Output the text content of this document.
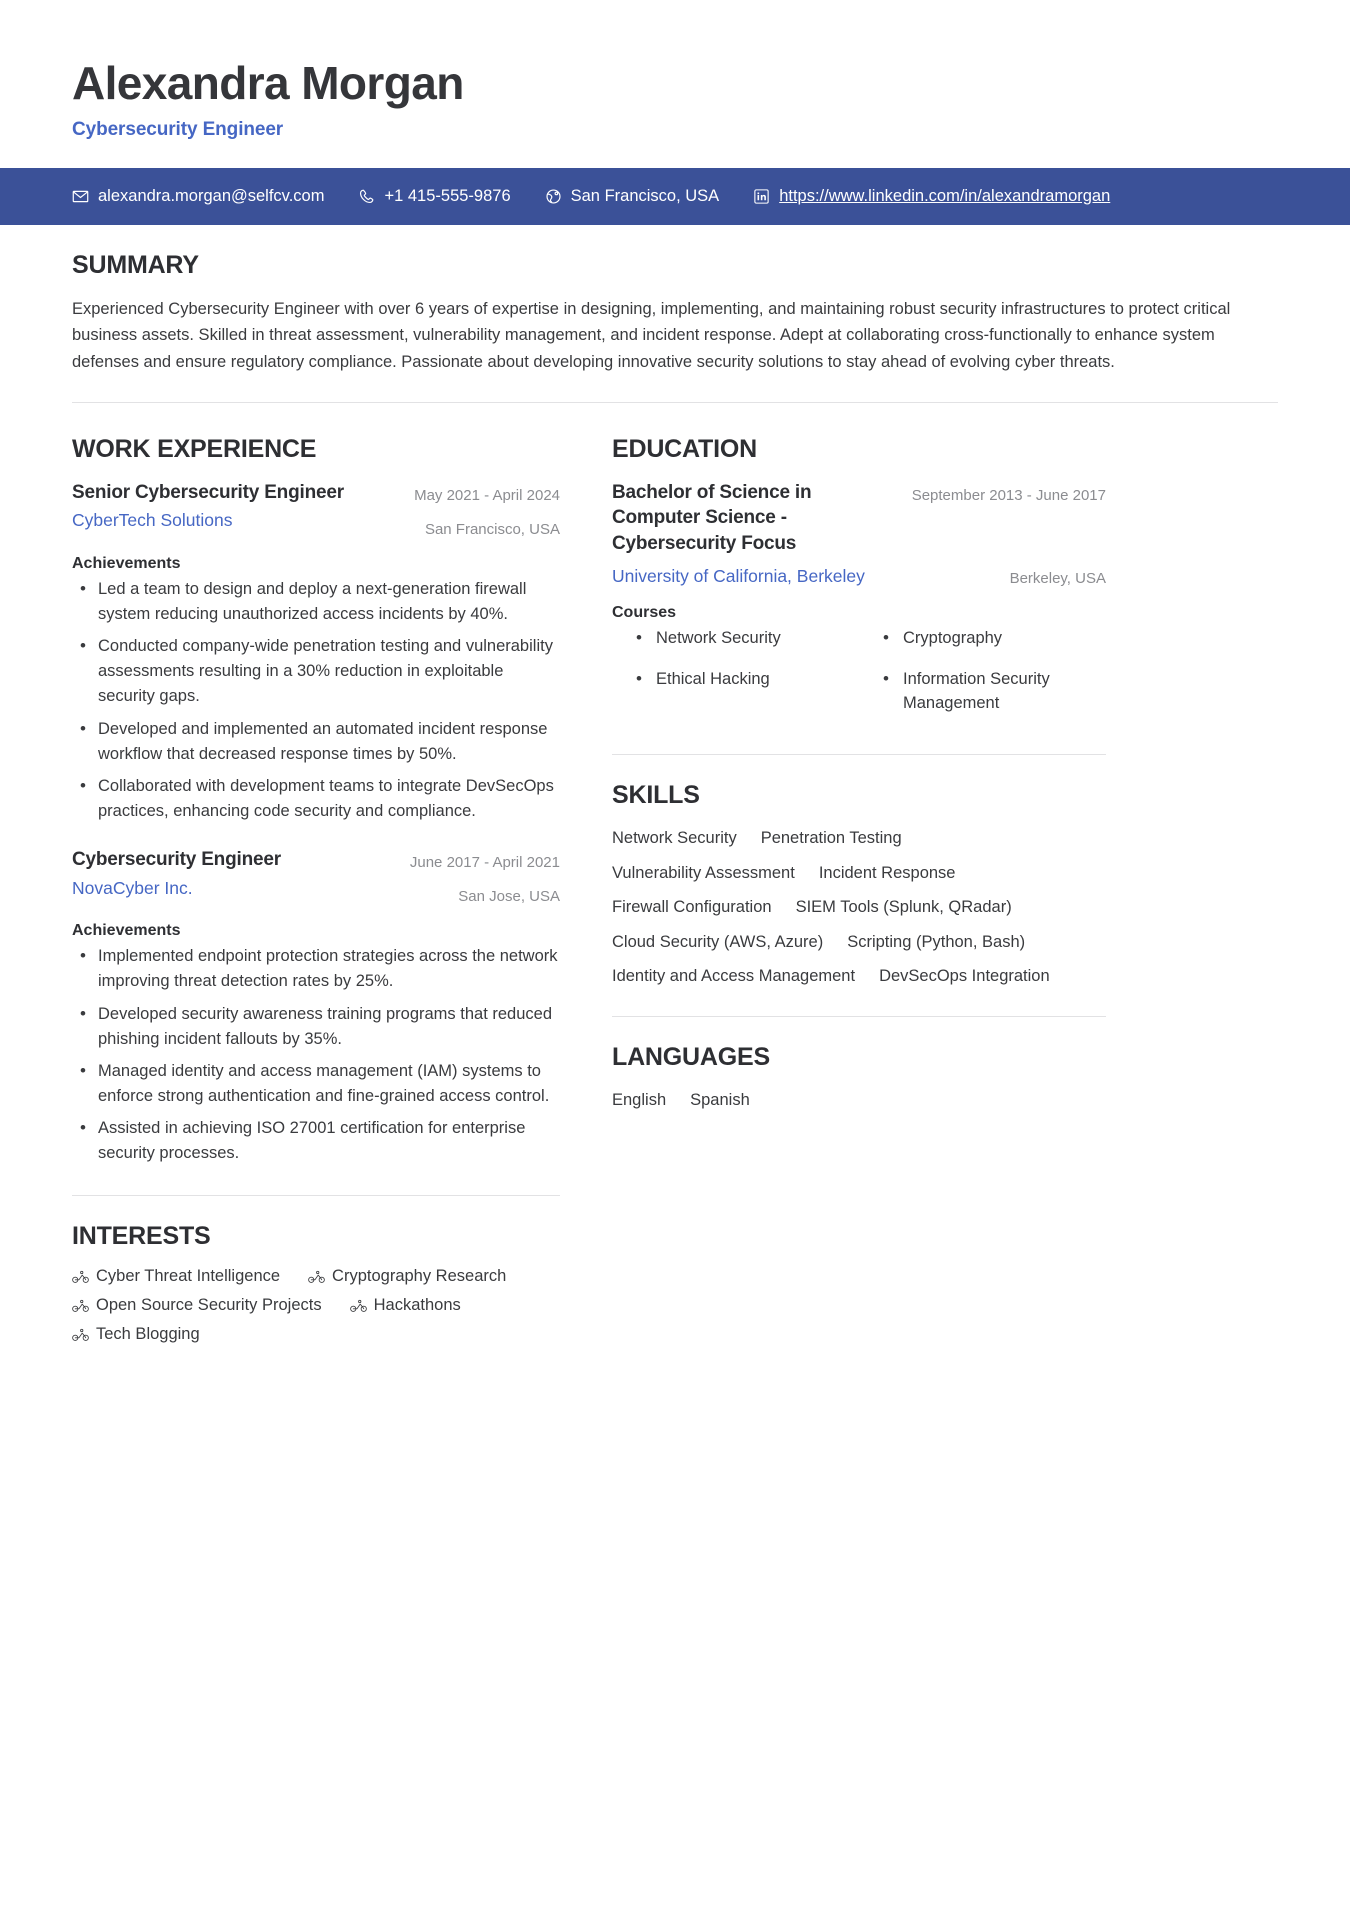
Alexandra Morgan
Cybersecurity Engineer
alexandra.morgan@selfcv.com	+1 415-555-9876	San Francisco, USA	https://www.linkedin.com/in/alexandramorgan
SUMMARY
Experienced Cybersecurity Engineer with over 6 years of expertise in designing, implementing, and maintaining robust security infrastructures to protect critical business assets. Skilled in threat assessment, vulnerability management, and incident response. Adept at collaborating cross-functionally to enhance system defenses and ensure regulatory compliance. Passionate about developing innovative security solutions to stay ahead of evolving cyber threats.
WORK EXPERIENCE
Senior Cybersecurity Engineer
CyberTech Solutions
May 2021 - April 2024
San Francisco, USA
Achievements
• Led a team to design and deploy a next-generation firewall system reducing unauthorized access incidents by 40%.
• Conducted company-wide penetration testing and vulnerability assessments resulting in a 30% reduction in exploitable security gaps.
• Developed and implemented an automated incident response workflow that decreased response times by 50%.
• Collaborated with development teams to integrate DevSecOps practices, enhancing code security and compliance.
Cybersecurity Engineer
NovaCyber Inc.
June 2017 - April 2021
San Jose, USA
Achievements
• Implemented endpoint protection strategies across the network improving threat detection rates by 25%.
• Developed security awareness training programs that reduced phishing incident fallouts by 35%.
• Managed identity and access management (IAM) systems to enforce strong authentication and fine-grained access control.
• Assisted in achieving ISO 27001 certification for enterprise security processes.
INTERESTS
Cyber Threat Intelligence	Cryptography Research
Open Source Security Projects	Hackathons
Tech Blogging
EDUCATION
Bachelor of Science in Computer Science - Cybersecurity Focus
September 2013 - June 2017
University of California, Berkeley	Berkeley, USA
Courses
• Network Security	• Cryptography
• Ethical Hacking	• Information Security Management
SKILLS
Network Security Penetration Testing
Vulnerability Assessment Incident Response
Firewall Configuration SIEM Tools (Splunk, QRadar)
Cloud Security (AWS, Azure) Scripting (Python, Bash)
Identity and Access Management DevSecOps Integration
LANGUAGES
English Spanish
